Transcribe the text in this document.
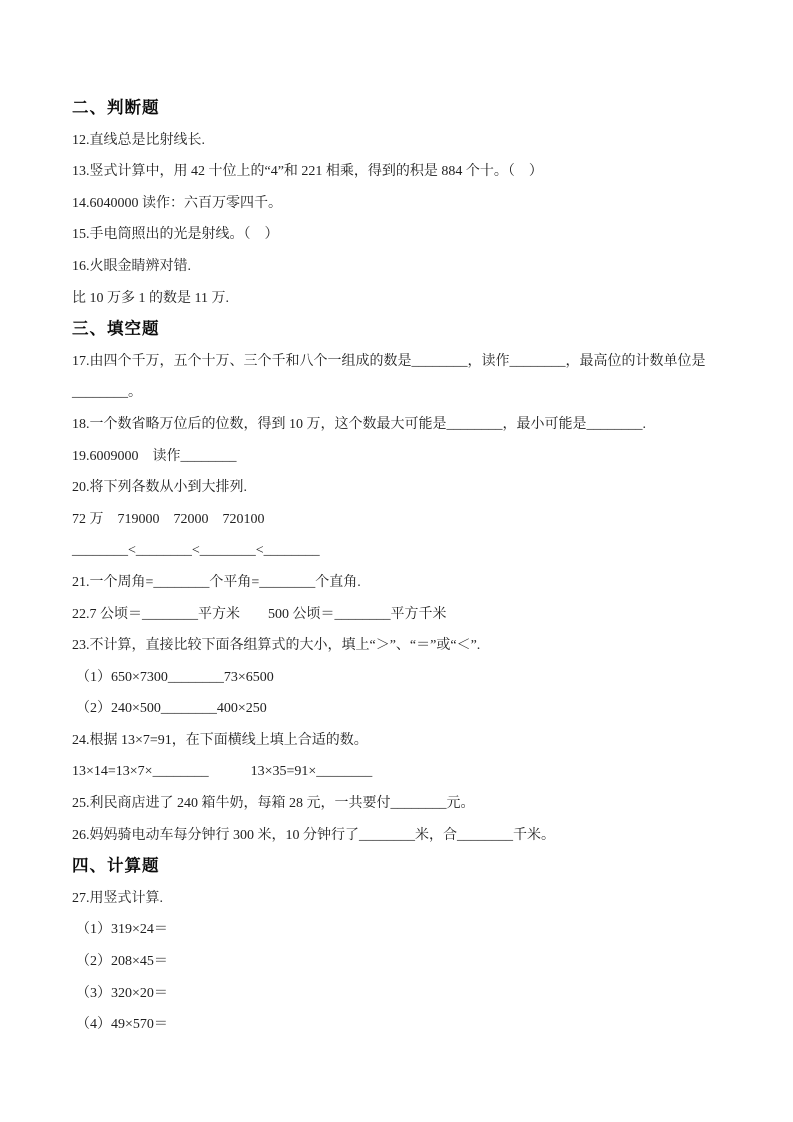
二、判断题

12.直线总是比射线长.

13.竖式计算中，用 42 十位上的“4”和 221 相乘，得到的积是 884 个十。（　）

14.6040000 读作：六百万零四千。

15.手电筒照出的光是射线。（　）

16.火眼金睛辨对错.

比 10 万多 1 的数是 11 万.

三、填空题

17.由四个千万，五个十万、三个千和八个一组成的数是________，读作________，最高位的计数单位是

________。

18.一个数省略万位后的位数，得到 10 万，这个数最大可能是________，最小可能是________.

19.6009000　读作________

20.将下列各数从小到大排列.

72 万　719000　72000　720100

________<________<________<________

21.一个周角=________个平角=________个直角.

22.7 公顷＝________平方米　　500 公顷＝________平方千米

23.不计算，直接比较下面各组算式的大小，填上“＞”、“＝”或“＜”.

（1）650×7300________73×6500

（2）240×500________400×250

24.根据 13×7=91，在下面横线上填上合适的数。

13×14=13×7×________　　　13×35=91×________

25.利民商店进了 240 箱牛奶，每箱 28 元，一共要付________元。

26.妈妈骑电动车每分钟行 300 米，10 分钟行了________米，合________千米。

四、计算题

27.用竖式计算.

（1）319×24＝

（2）208×45＝

（3）320×20＝

（4）49×570＝
